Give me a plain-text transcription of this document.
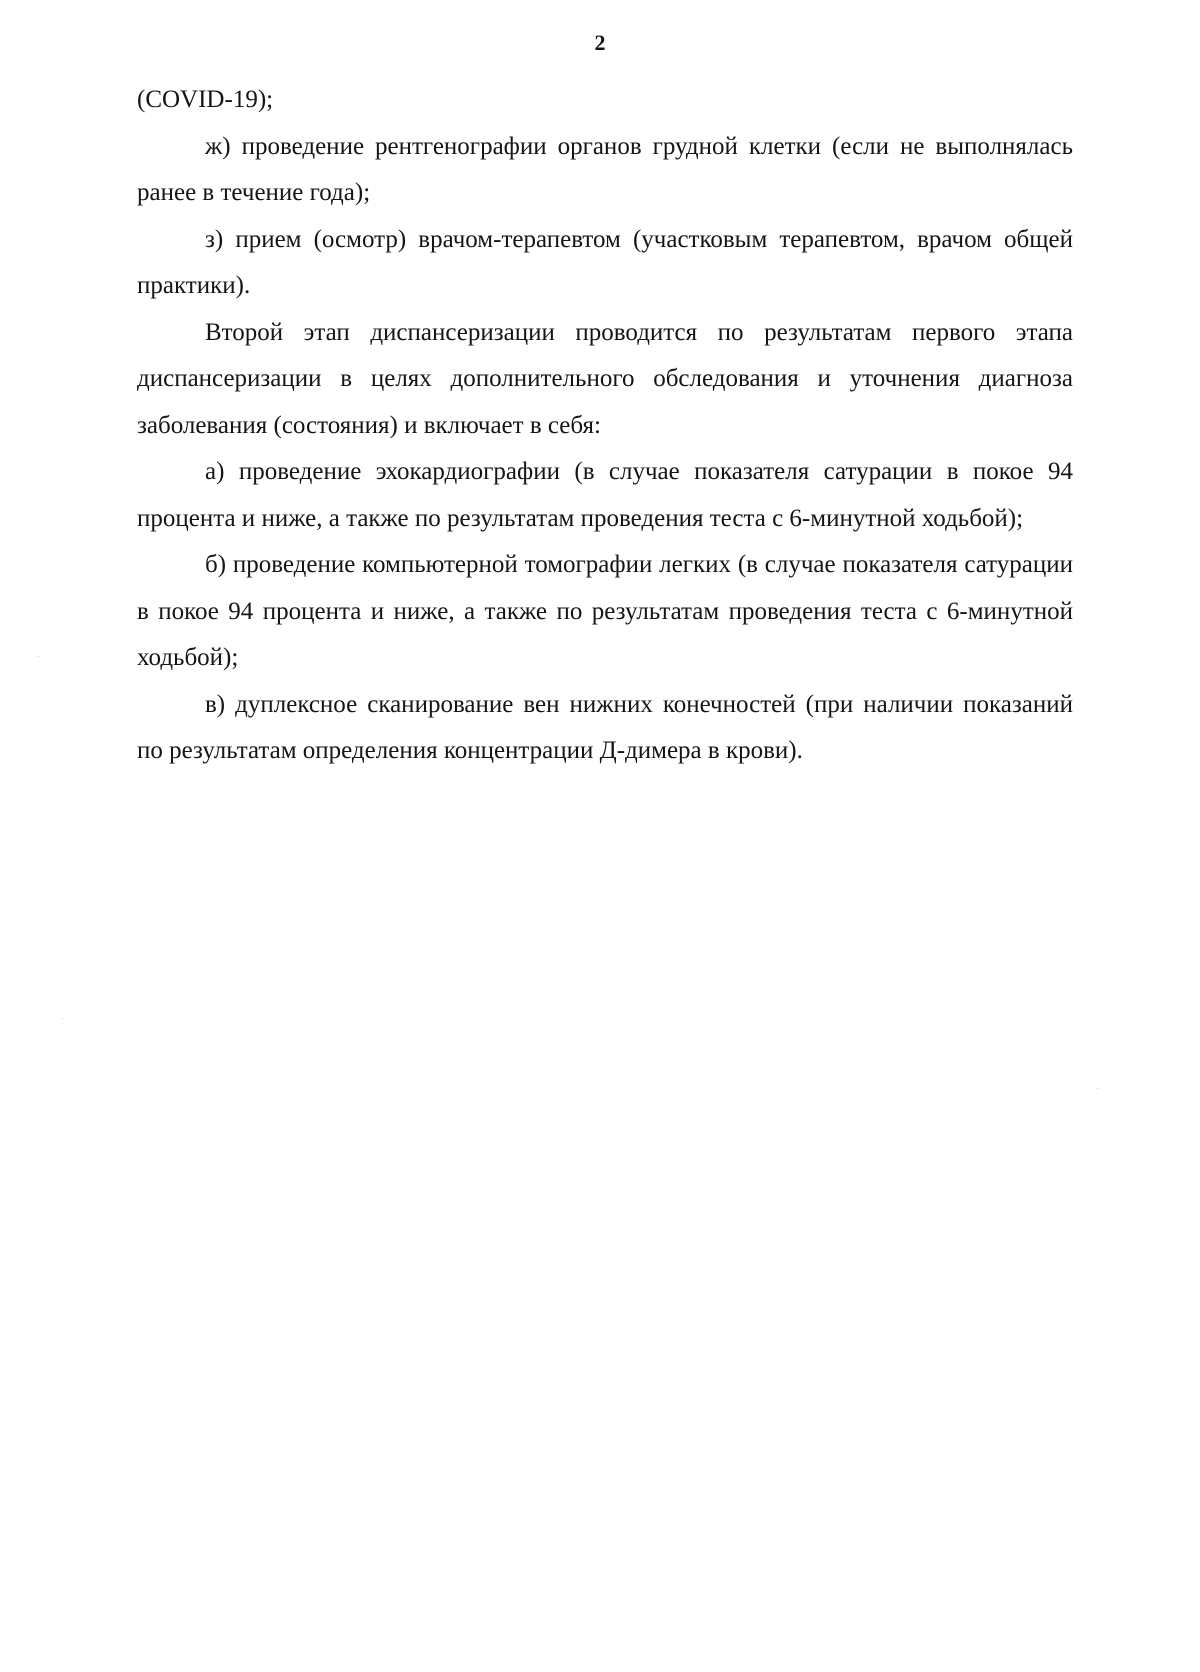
2

(COVID-19);

ж) проведение рентгенографии органов грудной клетки (если не выполнялась ранее в течение года);

з) прием (осмотр) врачом-терапевтом (участковым терапевтом, врачом общей практики).

Второй этап диспансеризации проводится по результатам первого этапа диспансеризации в целях дополнительного обследования и уточнения диагноза заболевания (состояния) и включает в себя:

а) проведение эхокардиографии (в случае показателя сатурации в покое 94 процента и ниже, а также по результатам проведения теста с 6-минутной ходьбой);

б) проведение компьютерной томографии легких (в случае показателя сатурации в покое 94 процента и ниже, а также по результатам проведения теста с 6-минутной ходьбой);

в) дуплексное сканирование вен нижних конечностей (при наличии показаний по результатам определения концентрации Д-димера в крови).
